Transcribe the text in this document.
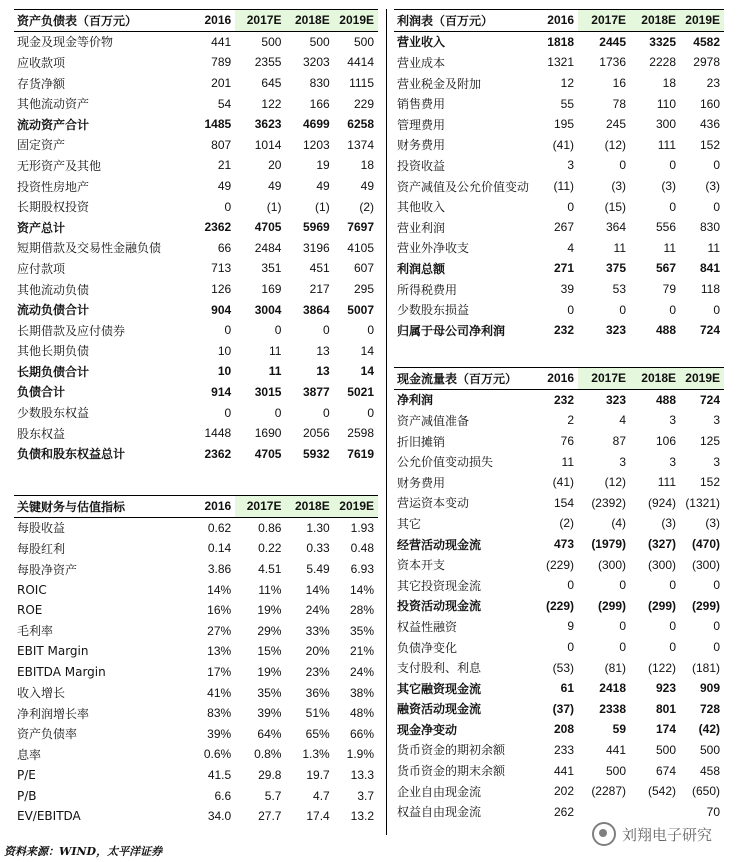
资产负债表（百万元）	2016	2017E	2018E	2019E
现金及现金等价物	441	500	500	500
应收款项	789	2355	3203	4414
存货净额	201	645	830	1115
其他流动资产	54	122	166	229
流动资产合计	1485	3623	4699	6258
固定资产	807	1014	1203	1374
无形资产及其他	21	20	19	18
投资性房地产	49	49	49	49
长期股权投资	0	(1)	(1)	(2)
资产总计	2362	4705	5969	7697
短期借款及交易性金融负债	66	2484	3196	4105
应付款项	713	351	451	607
其他流动负债	126	169	217	295
流动负债合计	904	3004	3864	5007
长期借款及应付债券	0	0	0	0
其他长期负债	10	11	13	14
长期负债合计	10	11	13	14
负债合计	914	3015	3877	5021
少数股东权益	0	0	0	0
股东权益	1448	1690	2056	2598
负债和股东权益总计	2362	4705	5932	7619
关键财务与估值指标	2016	2017E	2018E	2019E
每股收益	0.62	0.86	1.30	1.93
每股红利	0.14	0.22	0.33	0.48
每股净资产	3.86	4.51	5.49	6.93
ROIC	14%	11%	14%	14%
ROE	16%	19%	24%	28%
毛利率	27%	29%	33%	35%
EBIT Margin	13%	15%	20%	21%
EBITDA Margin	17%	19%	23%	24%
收入增长	41%	35%	36%	38%
净利润增长率	83%	39%	51%	48%
资产负债率	39%	64%	65%	66%
息率	0.6%	0.8%	1.3%	1.9%
P/E	41.5	29.8	19.7	13.3
P/B	6.6	5.7	4.7	3.7
EV/EBITDA	34.0	27.7	17.4	13.2
利润表（百万元）	2016	2017E	2018E	2019E
营业收入	1818	2445	3325	4582
营业成本	1321	1736	2228	2978
营业税金及附加	12	16	18	23
销售费用	55	78	110	160
管理费用	195	245	300	436
财务费用	(41)	(12)	111	152
投资收益	3	0	0	0
资产减值及公允价值变动	(11)	(3)	(3)	(3)
其他收入	0	(15)	0	0
营业利润	267	364	556	830
营业外净收支	4	11	11	11
利润总额	271	375	567	841
所得税费用	39	53	79	118
少数股东损益	0	0	0	0
归属于母公司净利润	232	323	488	724
现金流量表（百万元）	2016	2017E	2018E	2019E
净利润	232	323	488	724
资产减值准备	2	4	3	3
折旧摊销	76	87	106	125
公允价值变动损失	11	3	3	3
财务费用	(41)	(12)	111	152
营运资本变动	154	(2392)	(924)	(1321)
其它	(2)	(4)	(3)	(3)
经营活动现金流	473	(1979)	(327)	(470)
资本开支	(229)	(300)	(300)	(300)
其它投资现金流	0	0	0	0
投资活动现金流	(229)	(299)	(299)	(299)
权益性融资	9	0	0	0
负债净变化	0	0	0	0
支付股利、利息	(53)	(81)	(122)	(181)
其它融资现金流	61	2418	923	909
融资活动现金流	(37)	2338	801	728
现金净变动	208	59	174	(42)
货币资金的期初余额	233	441	500	500
货币资金的期末余额	441	500	674	458
企业自由现金流	202	(2287)	(542)	(650)
权益自由现金流	262			70
资料来源：WIND，太平洋证券
刘翔电子研究
